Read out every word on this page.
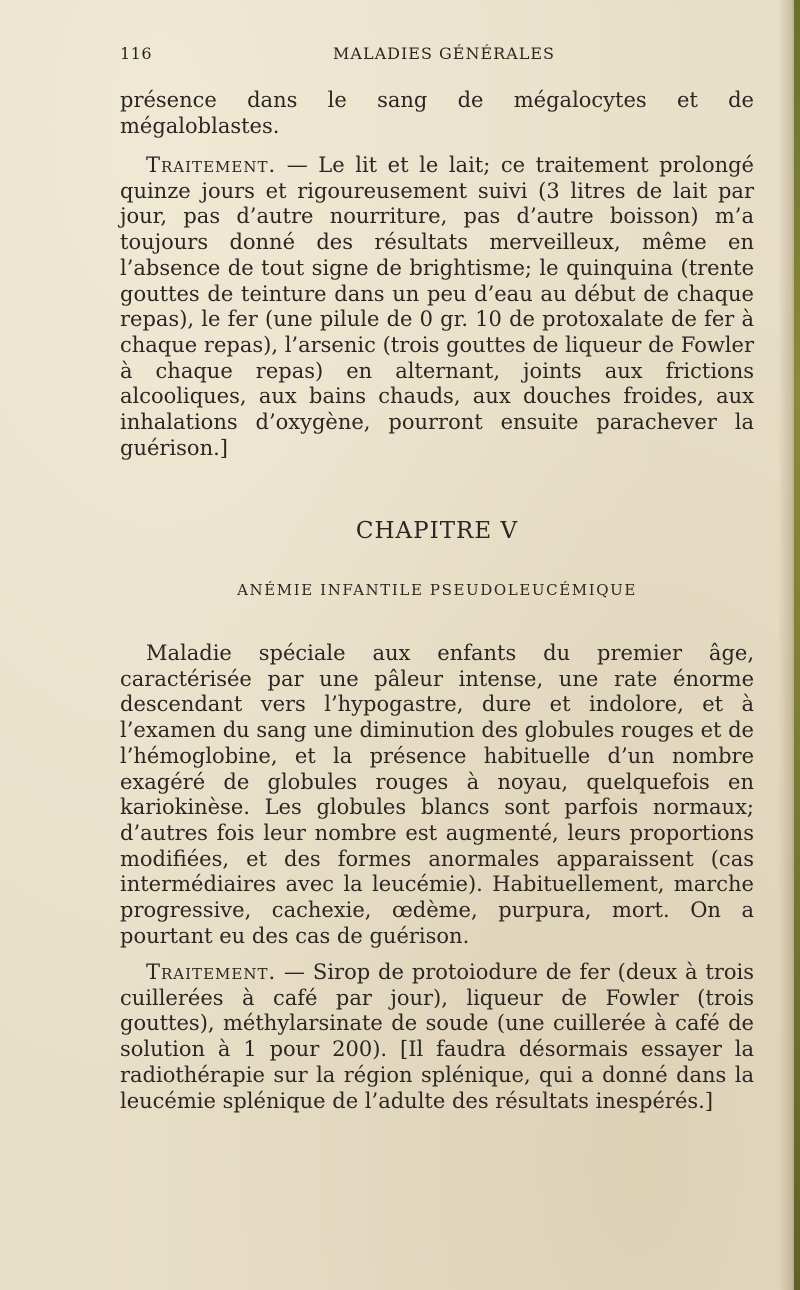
116	MALADIES GÉNÉRALES

présence dans le sang de mégalocytes et de mégaloblastes.

Traitement. — Le lit et le lait; ce traitement prolongé quinze jours et rigoureusement suivi (3 litres de lait par jour, pas d’autre nourriture, pas d’autre boisson) m’a toujours donné des résultats merveilleux, même en l’absence de tout signe de brightisme; le quinquina (trente gouttes de teinture dans un peu d’eau au début de chaque repas), le fer (une pilule de 0 gr. 10 de protoxalate de fer à chaque repas), l’arsenic (trois gouttes de liqueur de Fowler à chaque repas) en alternant, joints aux frictions alcooliques, aux bains chauds, aux douches froides, aux inhalations d’oxygène, pourront ensuite parachever la guérison.]

CHAPITRE V
ANÉMIE INFANTILE PSEUDOLEUCÉMIQUE

Maladie spéciale aux enfants du premier âge, caractérisée par une pâleur intense, une rate énorme descendant vers l’hypogastre, dure et indolore, et à l’examen du sang une diminution des globules rouges et de l’hémoglobine, et la présence habituelle d’un nombre exagéré de globules rouges à noyau, quelquefois en kariokinèse. Les globules blancs sont parfois normaux; d’autres fois leur nombre est augmenté, leurs proportions modifiées, et des formes anormales apparaissent (cas intermédiaires avec la leucémie). Habituellement, marche progressive, cachexie, œdème, purpura, mort. On a pourtant eu des cas de guérison.

Traitement. — Sirop de protoiodure de fer (deux à trois cuillerées à café par jour), liqueur de Fowler (trois gouttes), méthylarsinate de soude (une cuillerée à café de solution à 1 pour 200). [Il faudra désormais essayer la radiothérapie sur la région splénique, qui a donné dans la leucémie splénique de l’adulte des résultats inespérés.]
